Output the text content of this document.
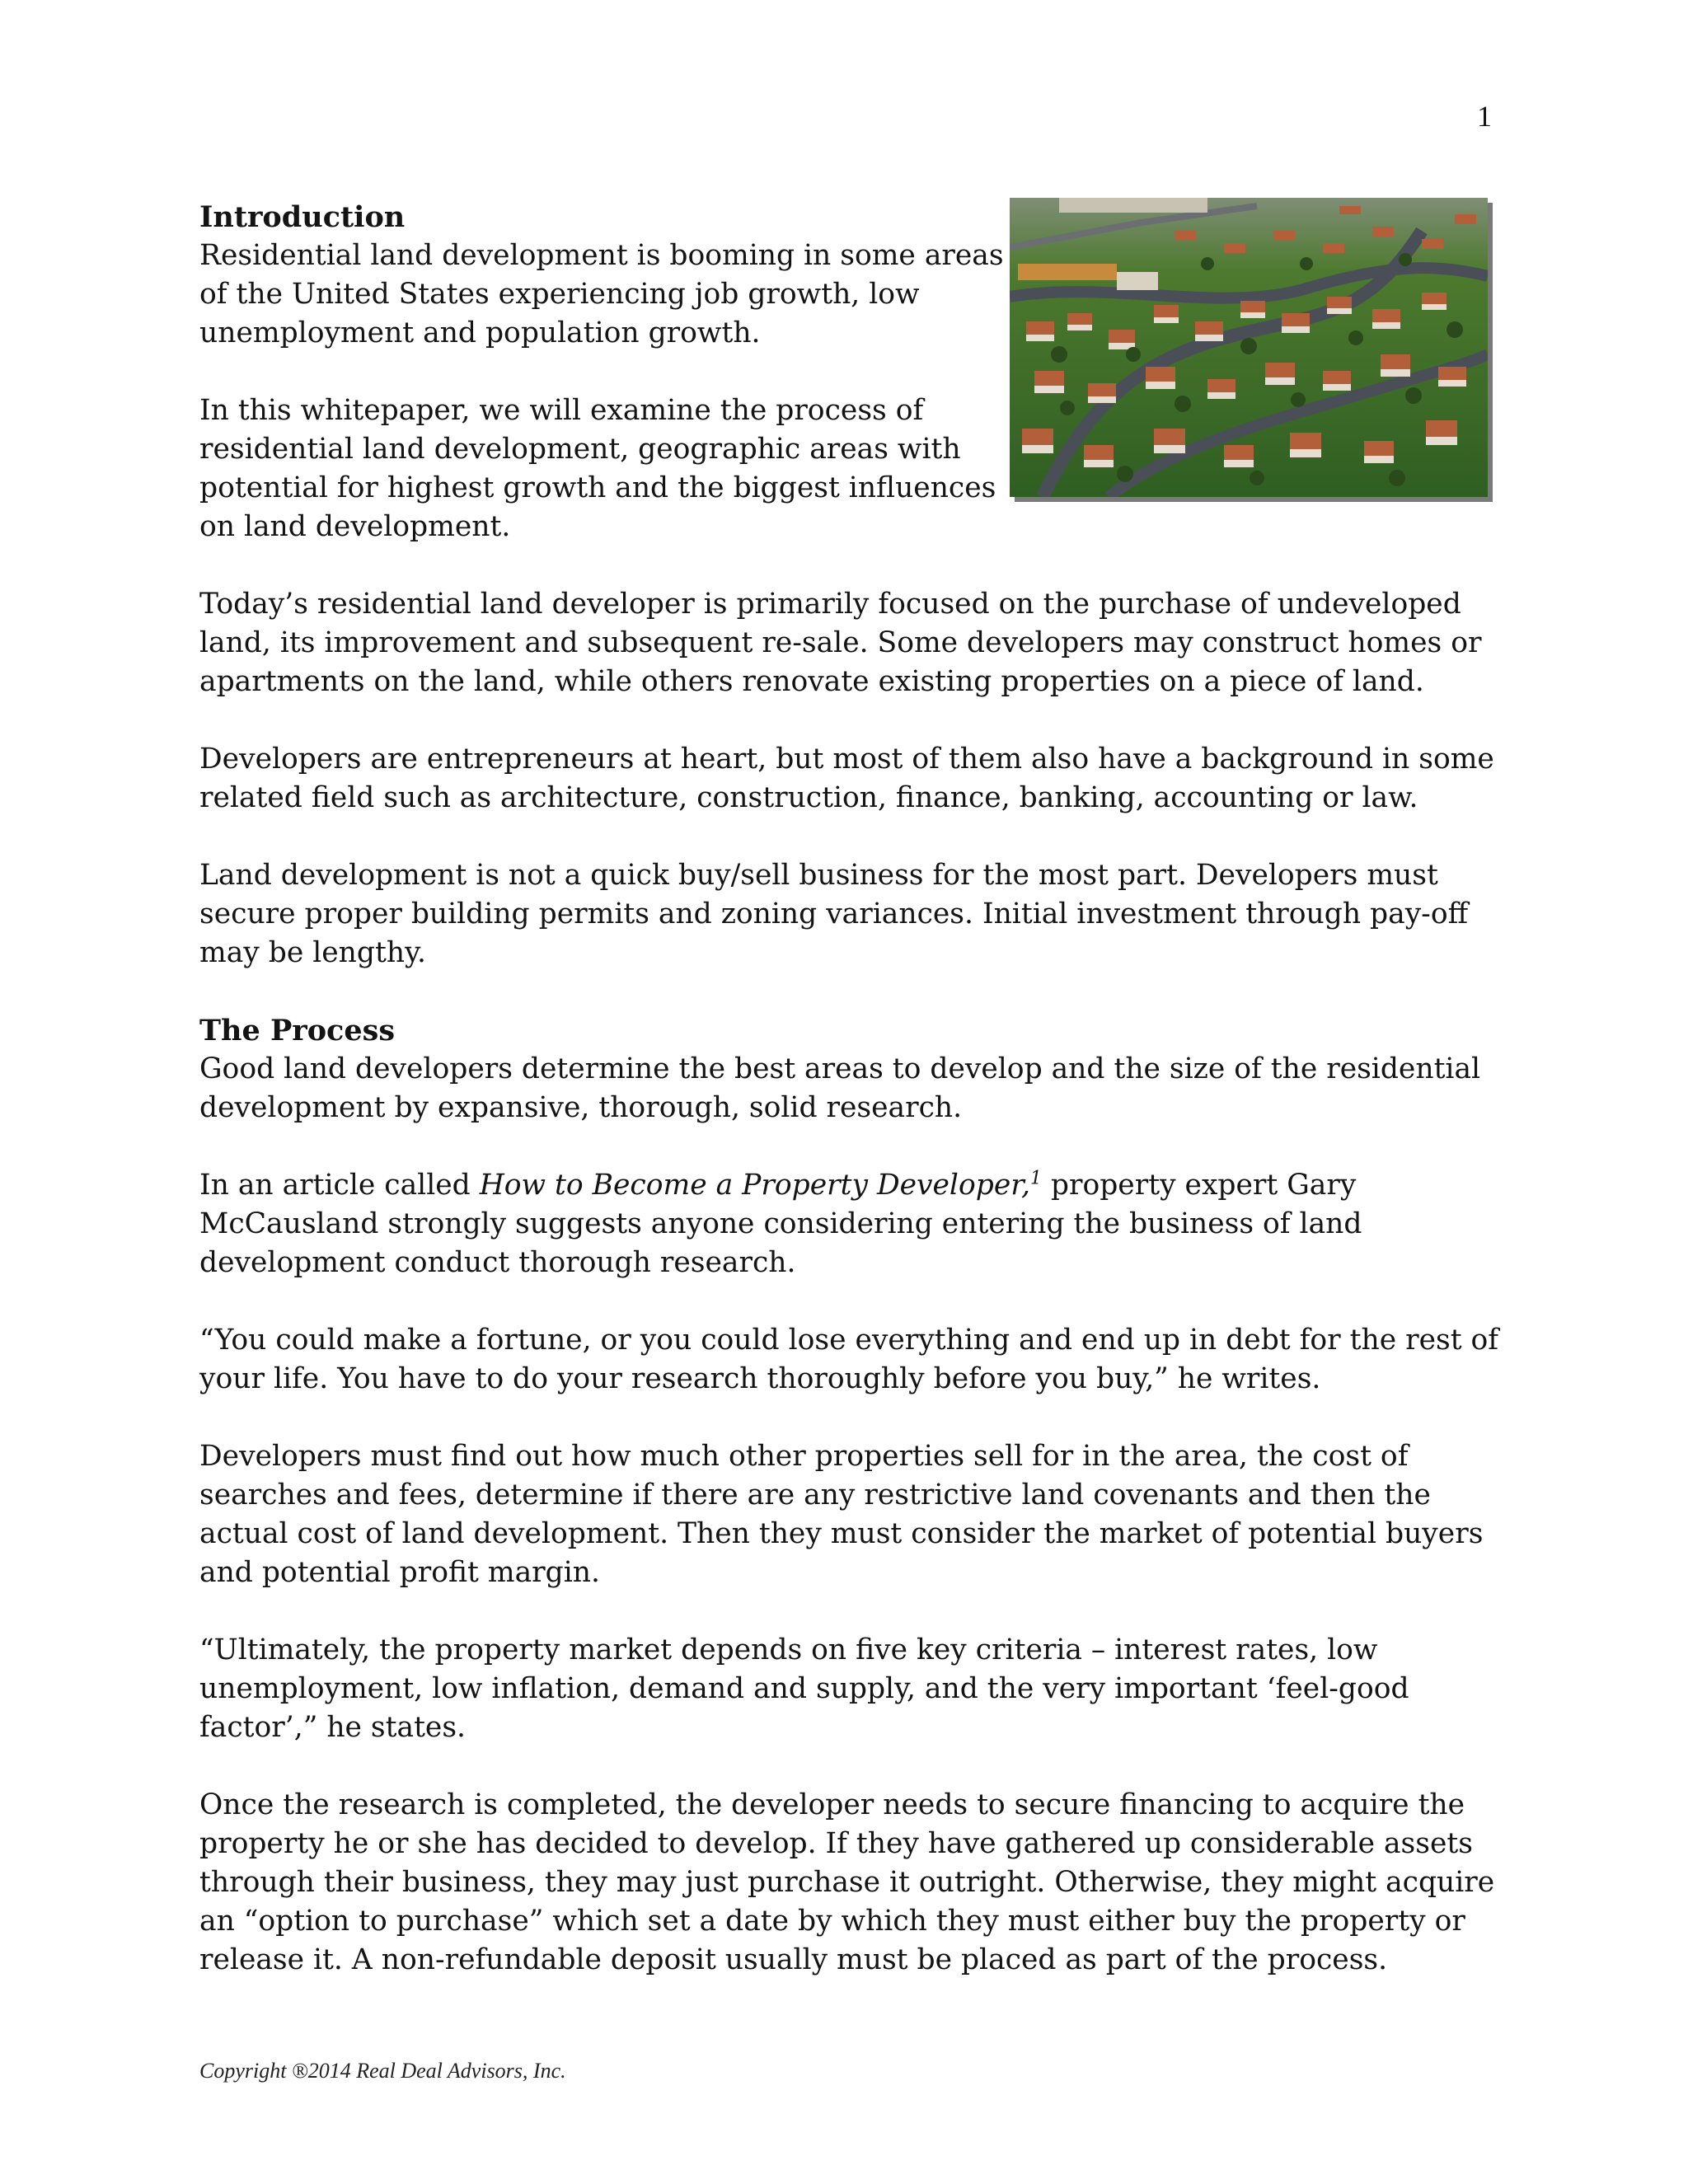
1
Introduction

Residential land development is booming in some areas of the United States experiencing job growth, low unemployment and population growth.

In this whitepaper, we will examine the process of residential land development, geographic areas with potential for highest growth and the biggest influences on land development.

Today’s residential land developer is primarily focused on the purchase of undeveloped land, its improvement and subsequent re-sale. Some developers may construct homes or apartments on the land, while others renovate existing properties on a piece of land.

Developers are entrepreneurs at heart, but most of them also have a background in some related field such as architecture, construction, finance, banking, accounting or law.

Land development is not a quick buy/sell business for the most part. Developers must secure proper building permits and zoning variances. Initial investment through pay-off may be lengthy.

The Process

Good land developers determine the best areas to develop and the size of the residential development by expansive, thorough, solid research.

In an article called How to Become a Property Developer,$^1$ property expert Gary McCausland strongly suggests anyone considering entering the business of land development conduct thorough research.

“You could make a fortune, or you could lose everything and end up in debt for the rest of your life. You have to do your research thoroughly before you buy,” he writes.

Developers must find out how much other properties sell for in the area, the cost of searches and fees, determine if there are any restrictive land covenants and then the actual cost of land development. Then they must consider the market of potential buyers and potential profit margin.

“Ultimately, the property market depends on five key criteria – interest rates, low unemployment, low inflation, demand and supply, and the very important ‘feel-good factor’,” he states.

Once the research is completed, the developer needs to secure financing to acquire the property he or she has decided to develop. If they have gathered up considerable assets through their business, they may just purchase it outright. Otherwise, they might acquire an “option to purchase” which set a date by which they must either buy the property or release it. A non-refundable deposit usually must be placed as part of the process.

Copyright ®2014 Real Deal Advisors, Inc.
